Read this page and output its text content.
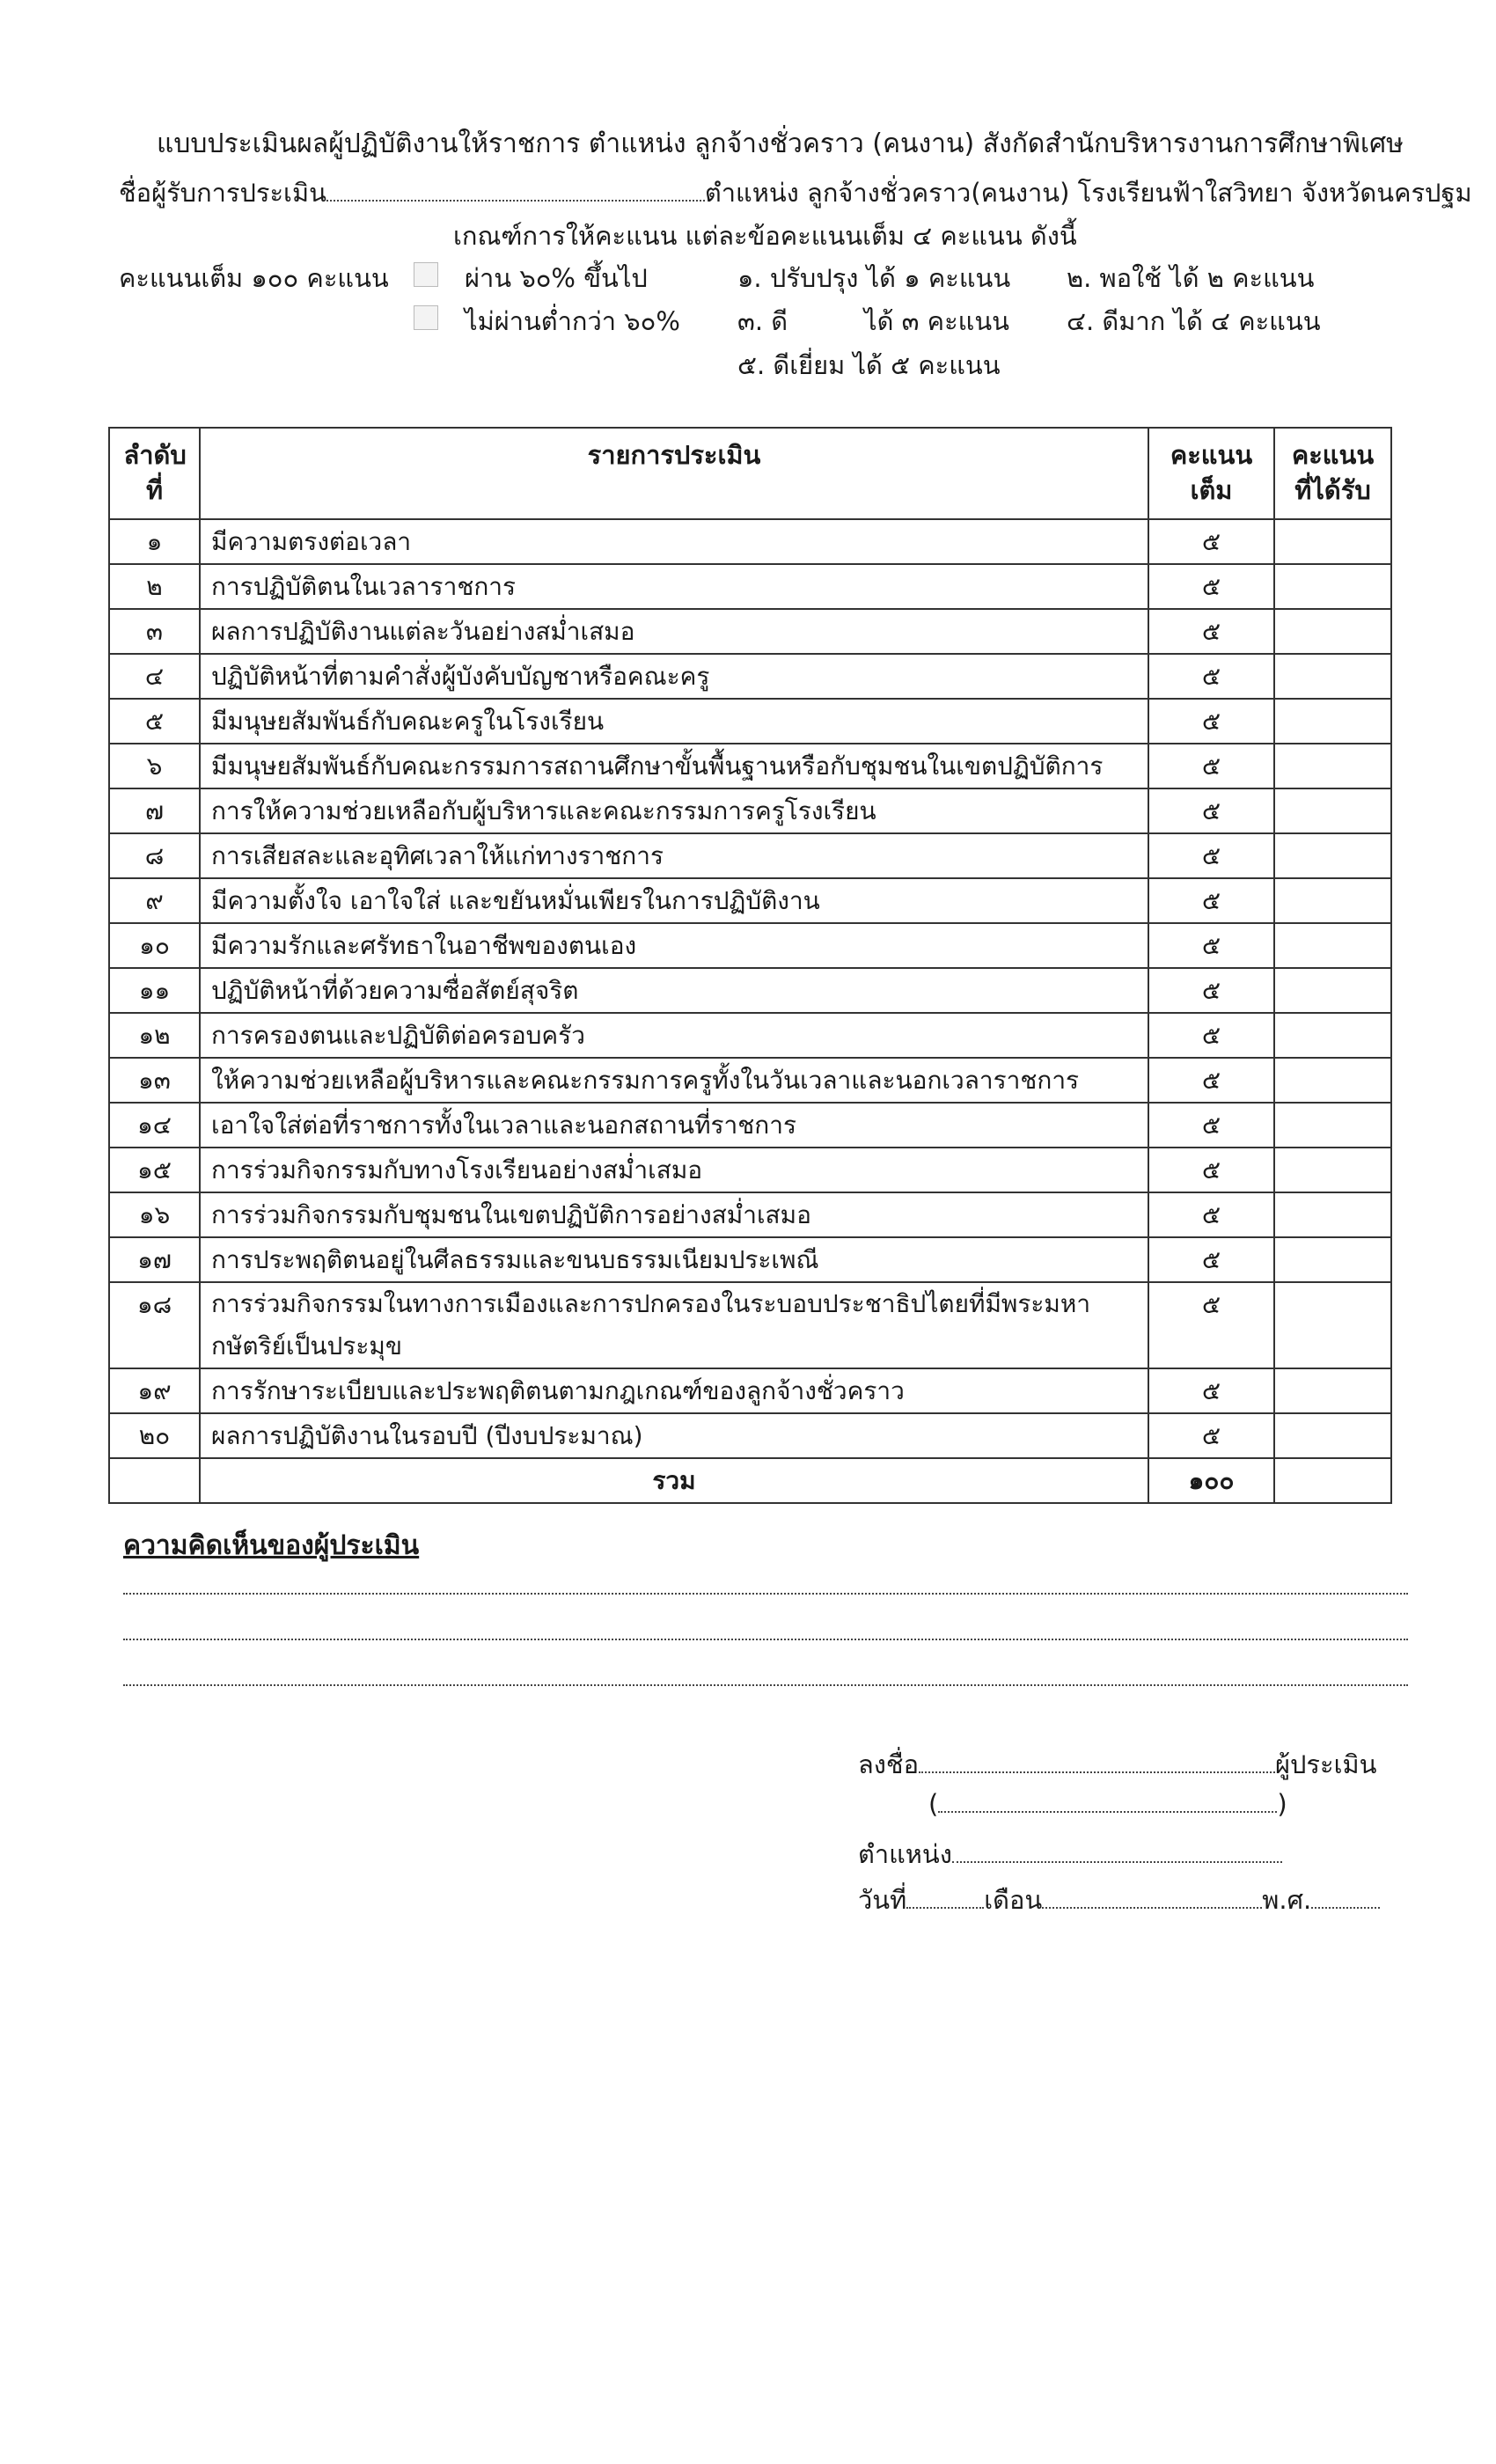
แบบประเมินผลผู้ปฏิบัติงานให้ราชการ ตำแหน่ง ลูกจ้างชั่วคราว (คนงาน) สังกัดสำนักบริหารงานการศึกษาพิเศษ
ชื่อผู้รับการประเมิน	ตำแหน่ง ลูกจ้างชั่วคราว(คนงาน) โรงเรียนฟ้าใสวิทยา จังหวัดนครปฐม
เกณฑ์การให้คะแนน แต่ละข้อคะแนนเต็ม ๔ คะแนน ดังนี้
คะแนนเต็ม ๑๐๐ คะแนน	ผ่าน ๖๐% ขึ้นไป
ไม่ผ่านต่ำกว่า ๖๐%
๑. ปรับปรุง ได้ ๑ คะแนน ๒. พอใช้ ได้ ๒ คะแนน
๓. ดี	ได้ ๓ คะแนน ๔. ดีมาก ได้ ๔ คะแนน
๕. ดีเยี่ยม ได้ ๕ คะแนน
ลำดับที่	รายการประเมิน	คะแนนเต็ม	คะแนนที่ได้รับ
๑	มีความตรงต่อเวลา	๕	
๒	การปฏิบัติตนในเวลาราชการ	๕	
๓	ผลการปฏิบัติงานแต่ละวันอย่างสม่ำเสมอ	๕	
๔	ปฏิบัติหน้าที่ตามคำสั่งผู้บังคับบัญชาหรือคณะครู	๕	
๕	มีมนุษยสัมพันธ์กับคณะครูในโรงเรียน	๕	
๖	มีมนุษยสัมพันธ์กับคณะกรรมการสถานศึกษาขั้นพื้นฐานหรือกับชุมชนในเขตปฏิบัติการ	๕	
๗	การให้ความช่วยเหลือกับผู้บริหารและคณะกรรมการครูโรงเรียน	๕	
๘	การเสียสละและอุทิศเวลาให้แก่ทางราชการ	๕	
๙	มีความตั้งใจ เอาใจใส่ และขยันหมั่นเพียรในการปฏิบัติงาน	๕	
๑๐	มีความรักและศรัทธาในอาชีพของตนเอง	๕	
๑๑	ปฏิบัติหน้าที่ด้วยความซื่อสัตย์สุจริต	๕	
๑๒	การครองตนและปฏิบัติต่อครอบครัว	๕	
๑๓	ให้ความช่วยเหลือผู้บริหารและคณะกรรมการครูทั้งในวันเวลาและนอกเวลาราชการ	๕	
๑๔	เอาใจใส่ต่อที่ราชการทั้งในเวลาและนอกสถานที่ราชการ	๕	
๑๕	การร่วมกิจกรรมกับทางโรงเรียนอย่างสม่ำเสมอ	๕	
๑๖	การร่วมกิจกรรมกับชุมชนในเขตปฏิบัติการอย่างสม่ำเสมอ	๕	
๑๗	การประพฤติตนอยู่ในศีลธรรมและขนบธรรมเนียมประเพณี	๕	
๑๘	การร่วมกิจกรรมในทางการเมืองและการปกครองในระบอบประชาธิปไตยที่มีพระมหากษัตริย์เป็นประมุข	๕	
๑๙	การรักษาระเบียบและประพฤติตนตามกฎเกณฑ์ของลูกจ้างชั่วคราว	๕	
๒๐	ผลการปฏิบัติงานในรอบปี (ปีงบประมาณ)	๕	
	รวม	๑๐๐	
ความคิดเห็นของผู้ประเมิน
ลงชื่อ	ผู้ประเมิน
(	)
ตำแหน่ง
วันที่	เดือน	พ.ศ.
